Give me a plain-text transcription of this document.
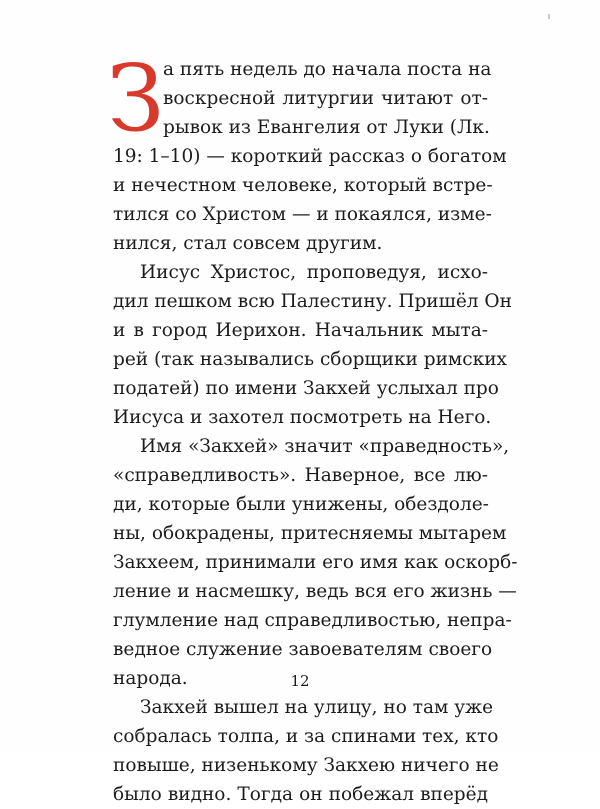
З
а пять недель до начала поста на
воскресной литургии читают от-
рывок из Евангелия от Луки (Лк.
19: 1–10) — короткий рассказ о богатом
и нечестном человеке, который встре-
тился со Христом — и покаялся, изме-
нился, стал совсем другим.
Иисус Христос, проповедуя, исхо-
дил пешком всю Палестину. Пришёл Он
и в город Иерихон. Начальник мыта-
рей (так назывались сборщики римских
податей) по имени Закхей услыхал про
Иисуса и захотел посмотреть на Него.
Имя «Закхей» значит «праведность»,
«справедливость». Наверное, все лю-
ди, которые были унижены, обездоле-
ны, обокрадены, притесняемы мытарем
Закхеем, принимали его имя как оскорб-
ление и насмешку, ведь вся его жизнь —
глумление над справедливостью, непра-
ведное служение завоевателям своего
народа.
Закхей вышел на улицу, но там уже
собралась толпа, и за спинами тех, кто
повыше, низенькому Закхею ничего не
было видно. Тогда он побежал вперёд
12
